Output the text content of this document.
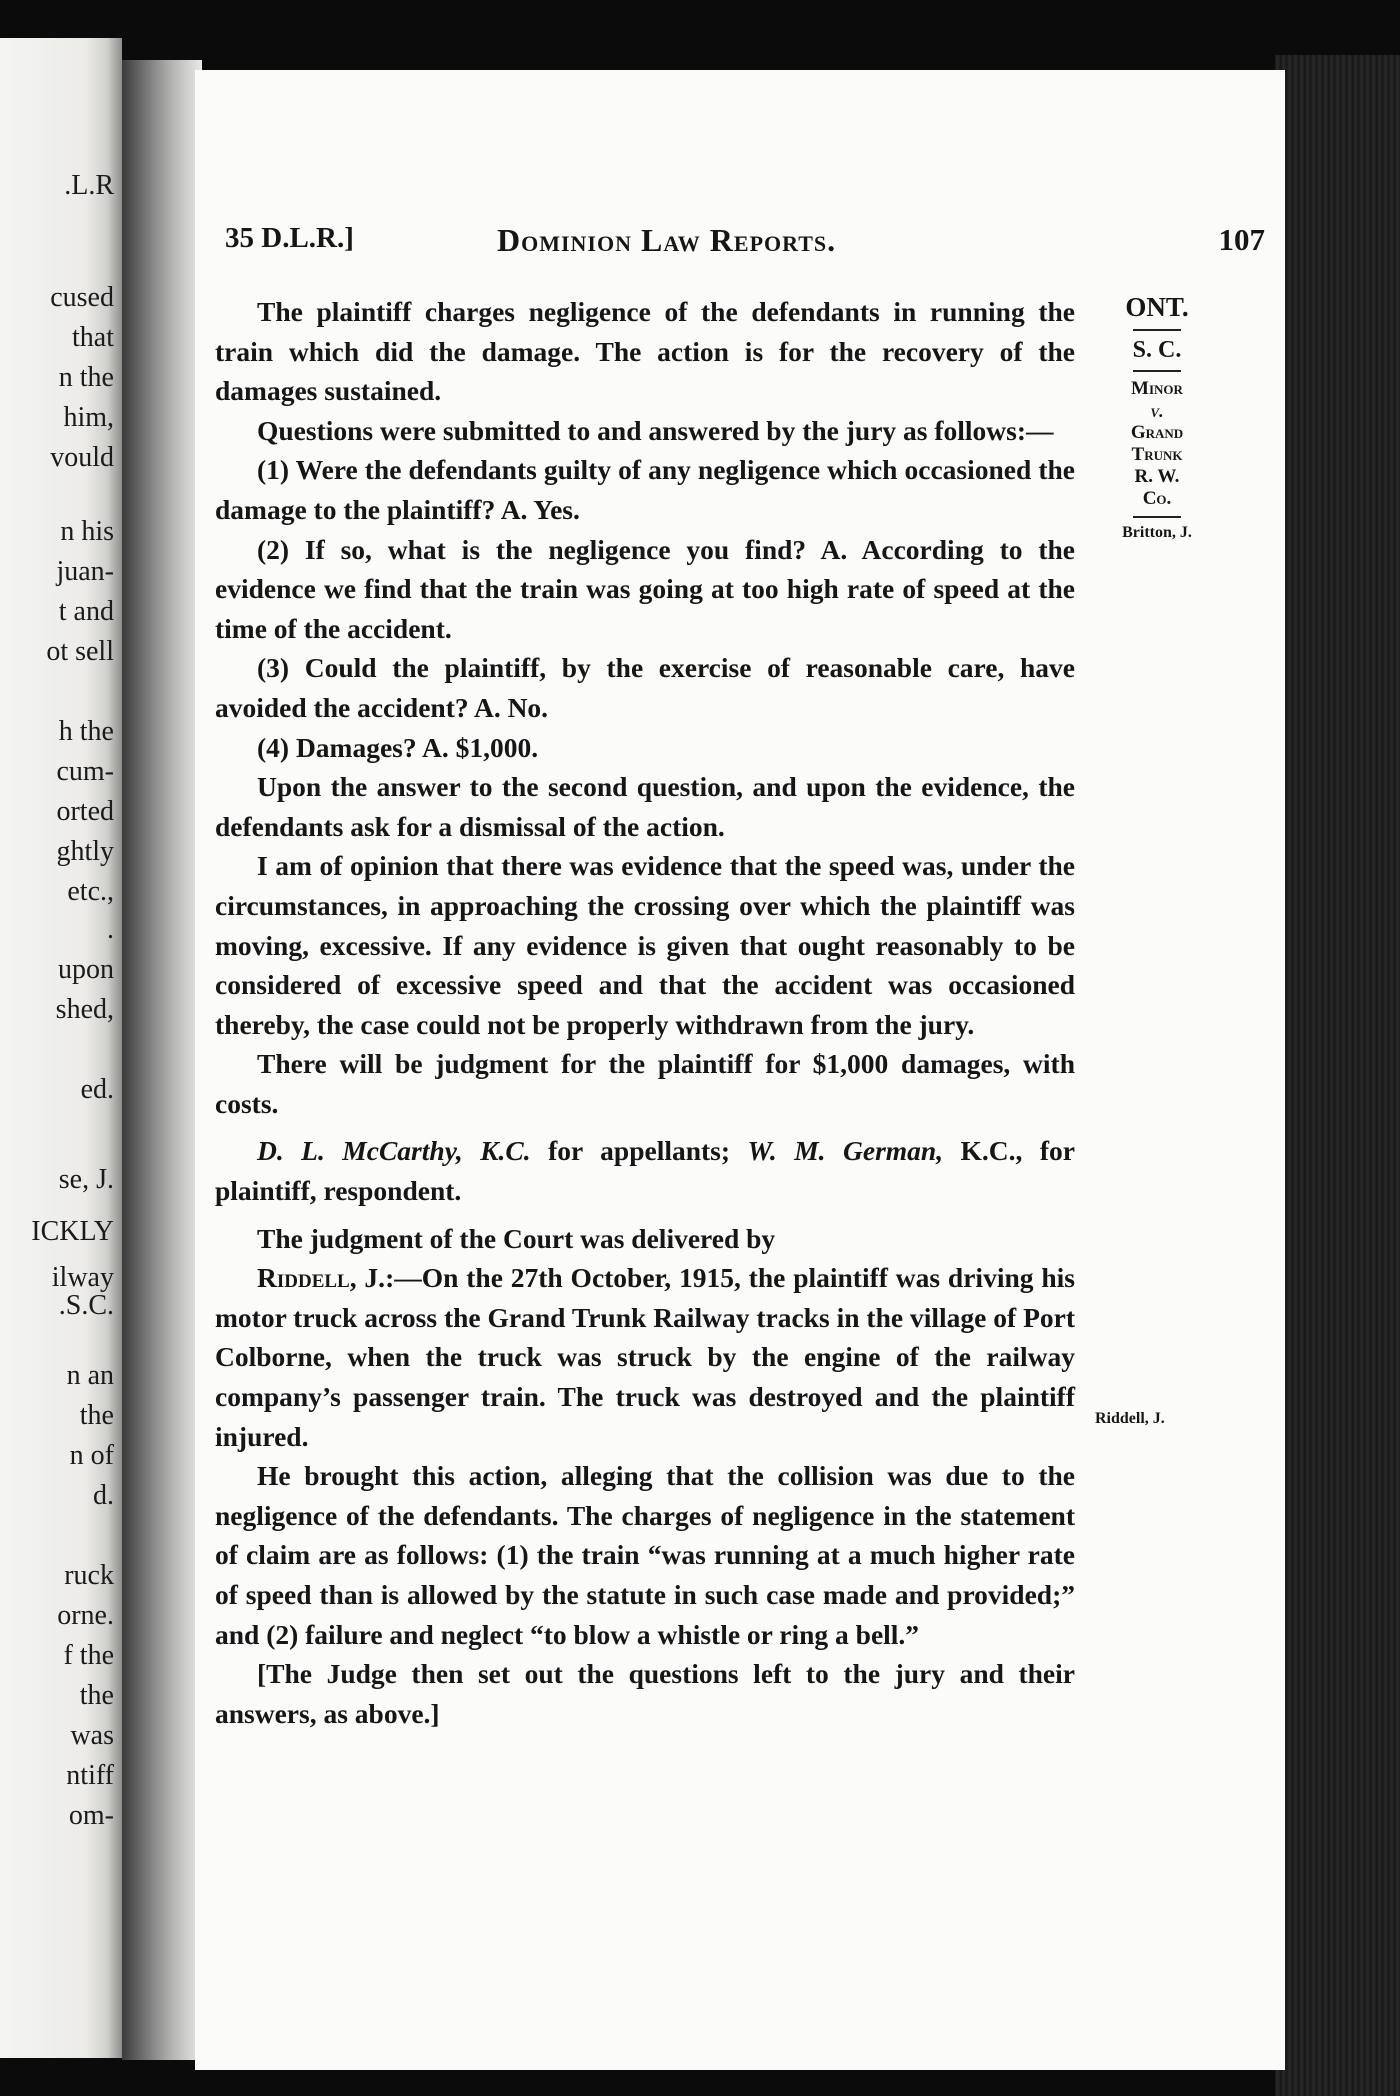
.L.R
cused
that
n the
him,
vould
n his
juan-
t and
ot sell
h the
cum-
orted
ghtly
etc.,
.
upon
shed,
ed.
se, J.
ICKLY
ilway
.S.C.
n an
the
n of
d.
ruck
orne.
f the
the
was
ntiff
om-
35 D.L.R.]	Dominion Law Reports.	107

The plaintiff charges negligence of the defendants in running the train which did the damage. The action is for the recovery of the damages sustained.

Questions were submitted to and answered by the jury as follows:—

(1) Were the defendants guilty of any negligence which occasioned the damage to the plaintiff? A. Yes.

(2) If so, what is the negligence you find? A. According to the evidence we find that the train was going at too high rate of speed at the time of the accident.

(3) Could the plaintiff, by the exercise of reasonable care, have avoided the accident? A. No.

(4) Damages? A. $1,000.

Upon the answer to the second question, and upon the evidence, the defendants ask for a dismissal of the action.

I am of opinion that there was evidence that the speed was, under the circumstances, in approaching the crossing over which the plaintiff was moving, excessive. If any evidence is given that ought reasonably to be considered of excessive speed and that the accident was occasioned thereby, the case could not be properly withdrawn from the jury.

There will be judgment for the plaintiff for $1,000 damages, with costs.

D. L. McCarthy, K.C. for appellants; W. M. German, K.C., for plaintiff, respondent.

The judgment of the Court was delivered by

Riddell, J.:—On the 27th October, 1915, the plaintiff was driving his motor truck across the Grand Trunk Railway tracks in the village of Port Colborne, when the truck was struck by the engine of the railway company’s passenger train. The truck was destroyed and the plaintiff injured.

He brought this action, alleging that the collision was due to the negligence of the defendants. The charges of negligence in the statement of claim are as follows: (1) the train “was running at a much higher rate of speed than is allowed by the statute in such case made and provided;” and (2) failure and neglect “to blow a whistle or ring a bell.”

[The Judge then set out the questions left to the jury and their answers, as above.]

ONT.
S. C.
Minor
v.
Grand
Trunk
R. W.
Co.
Britton, J.
Riddell, J.
